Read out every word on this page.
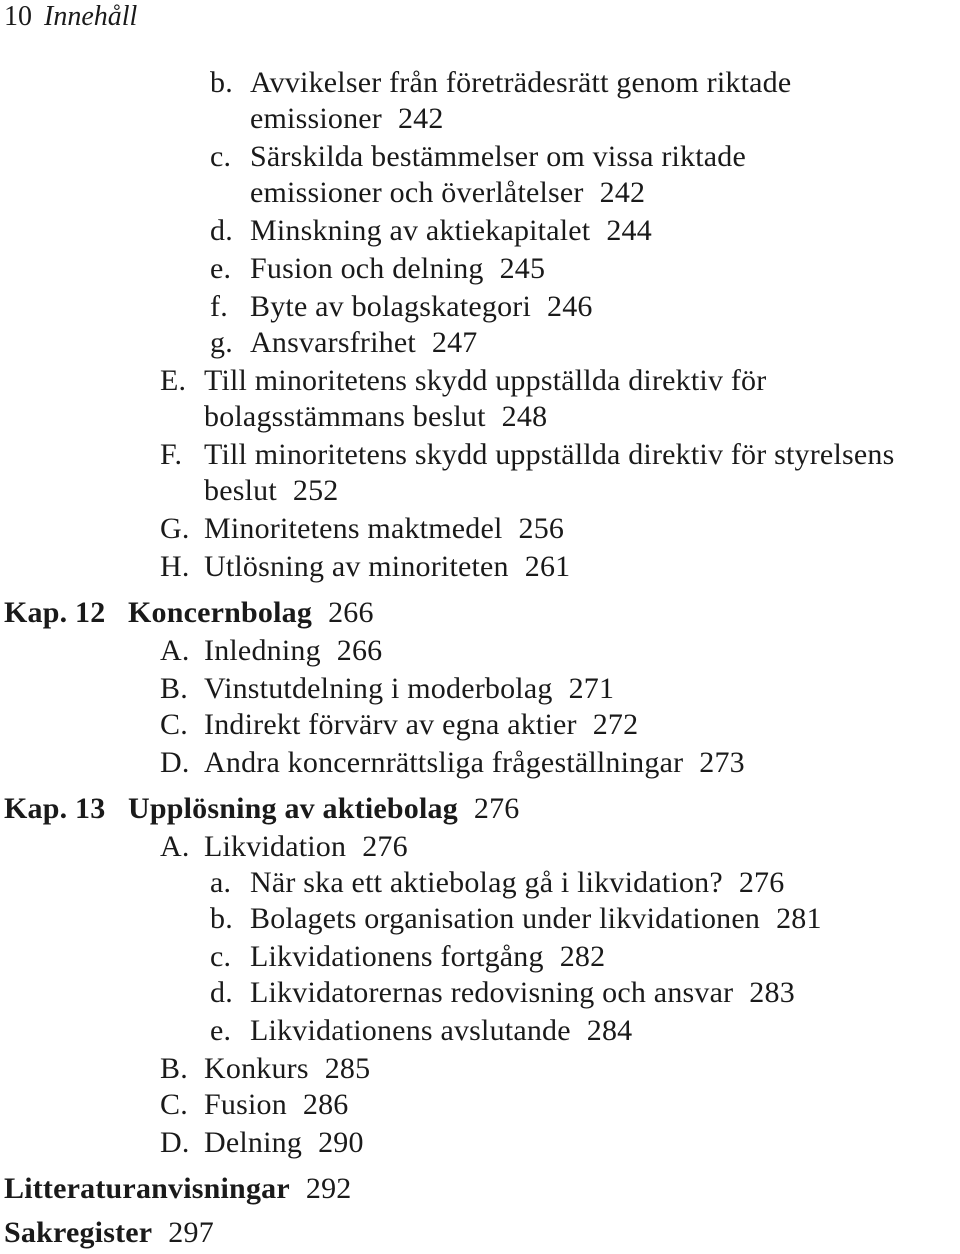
10 Innehåll
b. Avvikelser från företrädesrätt genom riktade
emissioner 242
c. Särskilda bestämmelser om vissa riktade
emissioner och överlåtelser 242
d. Minskning av aktiekapitalet 244
e. Fusion och delning 245
f. Byte av bolagskategori 246
g. Ansvarsfrihet 247
E. Till minoritetens skydd uppställda direktiv för
bolagsstämmans beslut 248
F. Till minoritetens skydd uppställda direktiv för styrelsens
beslut 252
G. Minoritetens maktmedel 256
H. Utlösning av minoriteten 261
Kap. 12 Koncernbolag 266
A. Inledning 266
B. Vinstutdelning i moderbolag 271
C. Indirekt förvärv av egna aktier 272
D. Andra koncernrättsliga frågeställningar 273
Kap. 13 Upplösning av aktiebolag 276
A. Likvidation 276
a. När ska ett aktiebolag gå i likvidation? 276
b. Bolagets organisation under likvidationen 281
c. Likvidationens fortgång 282
d. Likvidatorernas redovisning och ansvar 283
e. Likvidationens avslutande 284
B. Konkurs 285
C. Fusion 286
D. Delning 290
Litteraturanvisningar 292
Sakregister 297
